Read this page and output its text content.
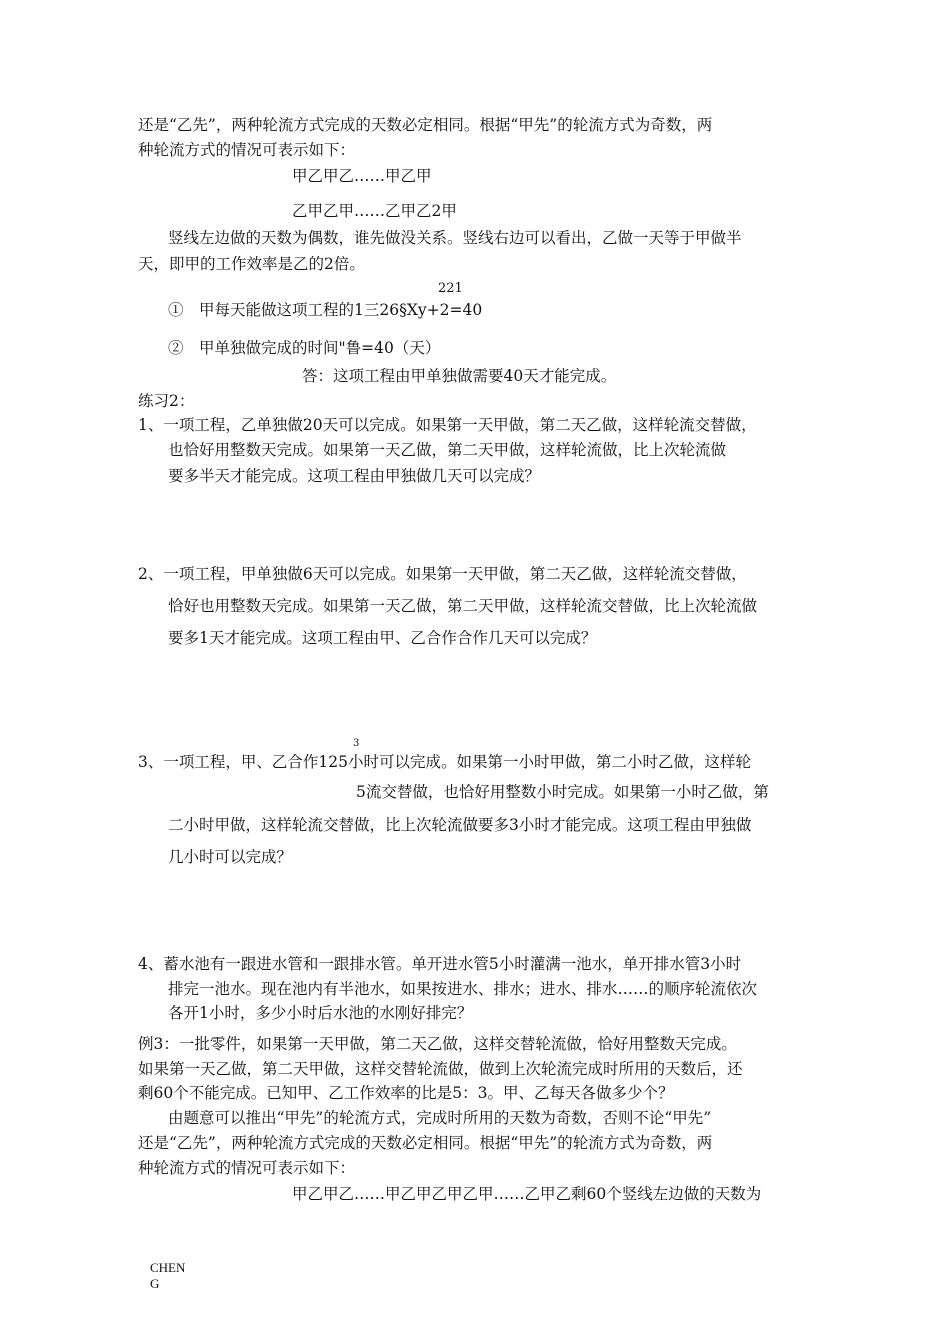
还是“乙先”，两种轮流方式完成的天数必定相同。根据“甲先”的轮流方式为奇数，两
种轮流方式的情况可表示如下：
甲乙甲乙……甲乙甲
乙甲乙甲……乙甲乙2甲
竖线左边做的天数为偶数，谁先做没关系。竖线右边可以看出，乙做一天等于甲做半
天，即甲的工作效率是乙的2倍。
221
①　甲每天能做这项工程的1三26§Xy+2=40
②　甲单独做完成的时间"鲁=40（天）
答：这项工程由甲单独做需要40天才能完成。
练习2：
1、一项工程，乙单独做20天可以完成。如果第一天甲做，第二天乙做，这样轮流交替做，
也恰好用整数天完成。如果第一天乙做，第二天甲做，这样轮流做，比上次轮流做
要多半天才能完成。这项工程由甲独做几天可以完成？
2、一项工程，甲单独做6天可以完成。如果第一天甲做，第二天乙做，这样轮流交替做，
恰好也用整数天完成。如果第一天乙做，第二天甲做，这样轮流交替做，比上次轮流做
要多1天才能完成。这项工程由甲、乙合作合作几天可以完成？
3
3、一项工程，甲、乙合作125小时可以完成。如果第一小时甲做，第二小时乙做，这样轮
5流交替做，也恰好用整数小时完成。如果第一小时乙做，第
二小时甲做，这样轮流交替做，比上次轮流做要多3小时才能完成。这项工程由甲独做
几小时可以完成？
4、蓄水池有一跟进水管和一跟排水管。单开进水管5小时灌满一池水，单开排水管3小时
排完一池水。现在池内有半池水，如果按进水、排水；进水、排水……的顺序轮流依次
各开1小时，多少小时后水池的水刚好排完？
例3：一批零件，如果第一天甲做，第二天乙做，这样交替轮流做，恰好用整数天完成。
如果第一天乙做，第二天甲做，这样交替轮流做，做到上次轮流完成时所用的天数后，还
剩60个不能完成。已知甲、乙工作效率的比是5：3。甲、乙每天各做多少个？
由题意可以推出“甲先”的轮流方式，完成时所用的天数为奇数，否则不论“甲先”
还是“乙先”，两种轮流方式完成的天数必定相同。根据“甲先”的轮流方式为奇数，两
种轮流方式的情况可表示如下：
甲乙甲乙……甲乙甲乙甲乙甲……乙甲乙剩60个竖线左边做的天数为
CHEN
G
